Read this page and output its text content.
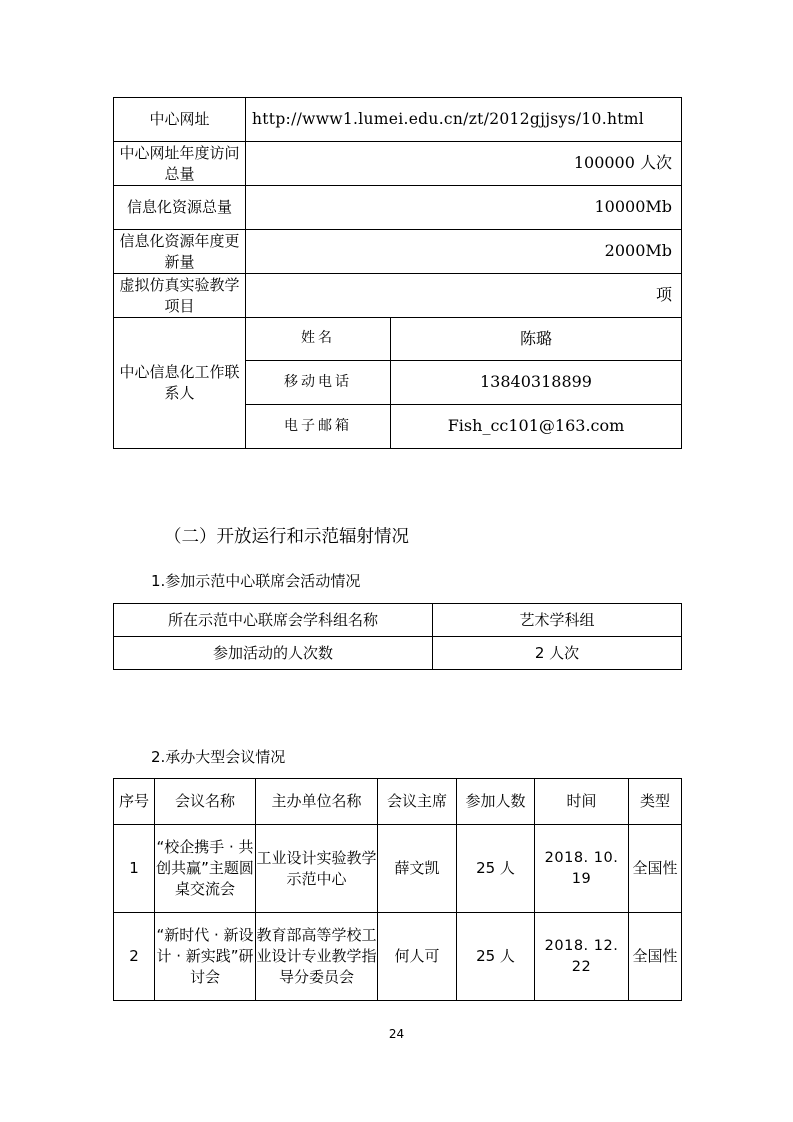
中心网址	http://www1.lumei.edu.cn/zt/2012gjjsys/10.html	
中心网址年度访问总量	100000 人次	
信息化资源总量	10000Mb	
信息化资源年度更新量	2000Mb	
虚拟仿真实验教学项目	项	
中心信息化工作联系人	姓名	陈璐
	移动电话	13840318899
	电子邮箱	Fish_cc101@163.com
（二）开放运行和示范辐射情况
1.参加示范中心联席会活动情况
所在示范中心联席会学科组名称	艺术学科组
参加活动的人次数	2 人次
2.承办大型会议情况
序号	会议名称	主办单位名称	会议主席	参加人数	时间	类型
1	“校企携手 · 共创共赢”主题圆桌交流会	工业设计实验教学示范中心	薛文凯	25 人	2018. 10. 19	全国性
2	“新时代 · 新设计 · 新实践”研讨会	教育部高等学校工业设计专业教学指导分委员会	何人可	25 人	2018. 12. 22	全国性
24
